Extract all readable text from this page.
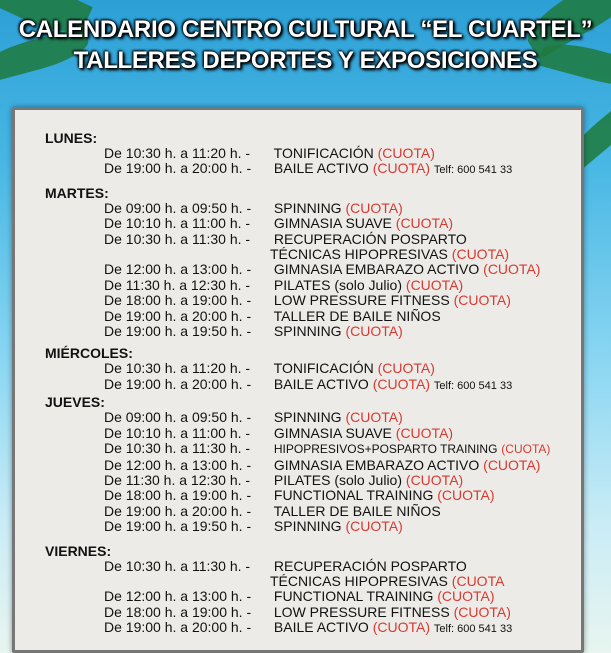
CALENDARIO CENTRO CULTURAL “EL CUARTEL”
TALLERES DEPORTES Y EXPOSICIONES
LUNES:
De 10:30 h. a 11:20 h. - TONIFICACIÓN (CUOTA)
De 19:00 h. a 20:00 h. - BAILE ACTIVO (CUOTA) Telf: 600 541 33
MARTES:
De 09:00 h. a 09:50 h. - SPINNING (CUOTA)
De 10:10 h. a 11:00 h. - GIMNASIA SUAVE (CUOTA)
De 10:30 h. a 11:30 h. - RECUPERACIÓN POSPARTO
TÉCNICAS HIPOPRESIVAS (CUOTA)
De 12:00 h. a 13:00 h. - GIMNASIA EMBARAZO ACTIVO (CUOTA)
De 11:30 h. a 12:30 h. - PILATES (solo Julio) (CUOTA)
De 18:00 h. a 19:00 h. - LOW PRESSURE FITNESS (CUOTA)
De 19:00 h. a 20:00 h. - TALLER DE BAILE NIÑOS
De 19:00 h. a 19:50 h. - SPINNING (CUOTA)
MIÉRCOLES:
De 10:30 h. a 11:20 h. - TONIFICACIÓN (CUOTA)
De 19:00 h. a 20:00 h. - BAILE ACTIVO (CUOTA) Telf: 600 541 33
JUEVES:
De 09:00 h. a 09:50 h. - SPINNING (CUOTA)
De 10:10 h. a 11:00 h. - GIMNASIA SUAVE (CUOTA)
De 10:30 h. a 11:30 h. - HIPOPRESIVOS+POSPARTO TRAINING (CUOTA)
De 12:00 h. a 13:00 h. - GIMNASIA EMBARAZO ACTIVO (CUOTA)
De 11:30 h. a 12:30 h. - PILATES (solo Julio) (CUOTA)
De 18:00 h. a 19:00 h. - FUNCTIONAL TRAINING (CUOTA)
De 19:00 h. a 20:00 h. - TALLER DE BAILE NIÑOS
De 19:00 h. a 19:50 h. - SPINNING (CUOTA)
VIERNES:
De 10:30 h. a 11:30 h. - RECUPERACIÓN POSPARTO
TÉCNICAS HIPOPRESIVAS (CUOTA
De 12:00 h. a 13:00 h. - FUNCTIONAL TRAINING (CUOTA)
De 18:00 h. a 19:00 h. - LOW PRESSURE FITNESS (CUOTA)
De 19:00 h. a 20:00 h. - BAILE ACTIVO (CUOTA) Telf: 600 541 33
